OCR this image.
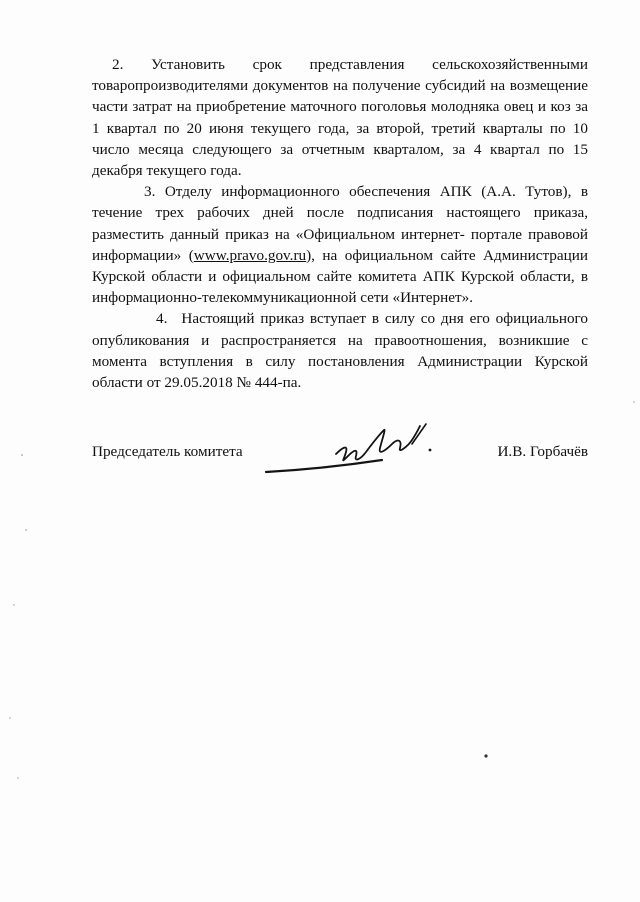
2. Установить срок представления сельскохозяйственными товаропроизводителями документов на получение субсидий на возмещение части затрат на приобретение маточного поголовья молодняка овец и коз за 1 квартал по 20 июня текущего года, за второй, третий кварталы по 10 число месяца следующего за отчетным кварталом, за 4 квартал по 15 декабря текущего года.

3. Отделу информационного обеспечения АПК (А.А. Тутов), в течение трех рабочих дней после подписания настоящего приказа, разместить данный приказ на «Официальном интернет- портале правовой информации» (www.pravo.gov.ru), на официальном сайте Администрации Курской области и официальном сайте комитета АПК Курской области, в информационно-телекоммуникационной сети «Интернет».

4. Настоящий приказ вступает в силу со дня его официального опубликования и распространяется на правоотношения, возникшие с момента вступления в силу постановления Администрации Курской области от 29.05.2018 № 444-па.

Председатель комитета	И.В. Горбачёв
